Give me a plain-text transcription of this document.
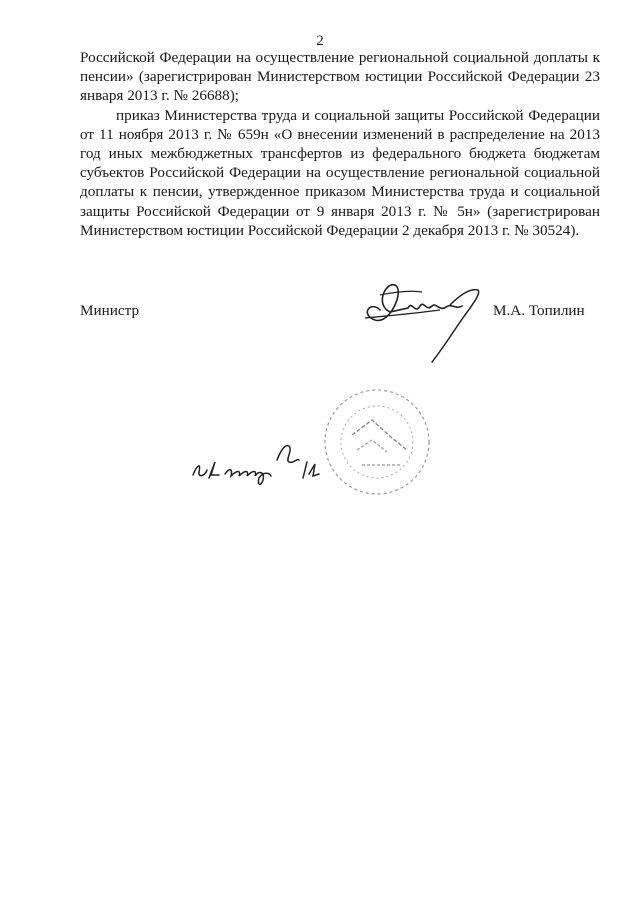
2

Российской Федерации на осуществление региональной социальной доплаты к пенсии» (зарегистрирован Министерством юстиции Российской Федерации 23 января 2013 г. № 26688);

приказ Министерства труда и социальной защиты Российской Федерации от 11 ноября 2013 г. № 659н «О внесении изменений в распределение на 2013 год иных межбюджетных трансфертов из федерального бюджета бюджетам субъектов Российской Федерации на осуществление региональной социальной доплаты к пенсии, утвержденное приказом Министерства труда и социальной защиты Российской Федерации от 9 января 2013 г. № 5н» (зарегистрирован Министерством юстиции Российской Федерации 2 декабря 2013 г. № 30524).

Министр	М.А. Топилин
